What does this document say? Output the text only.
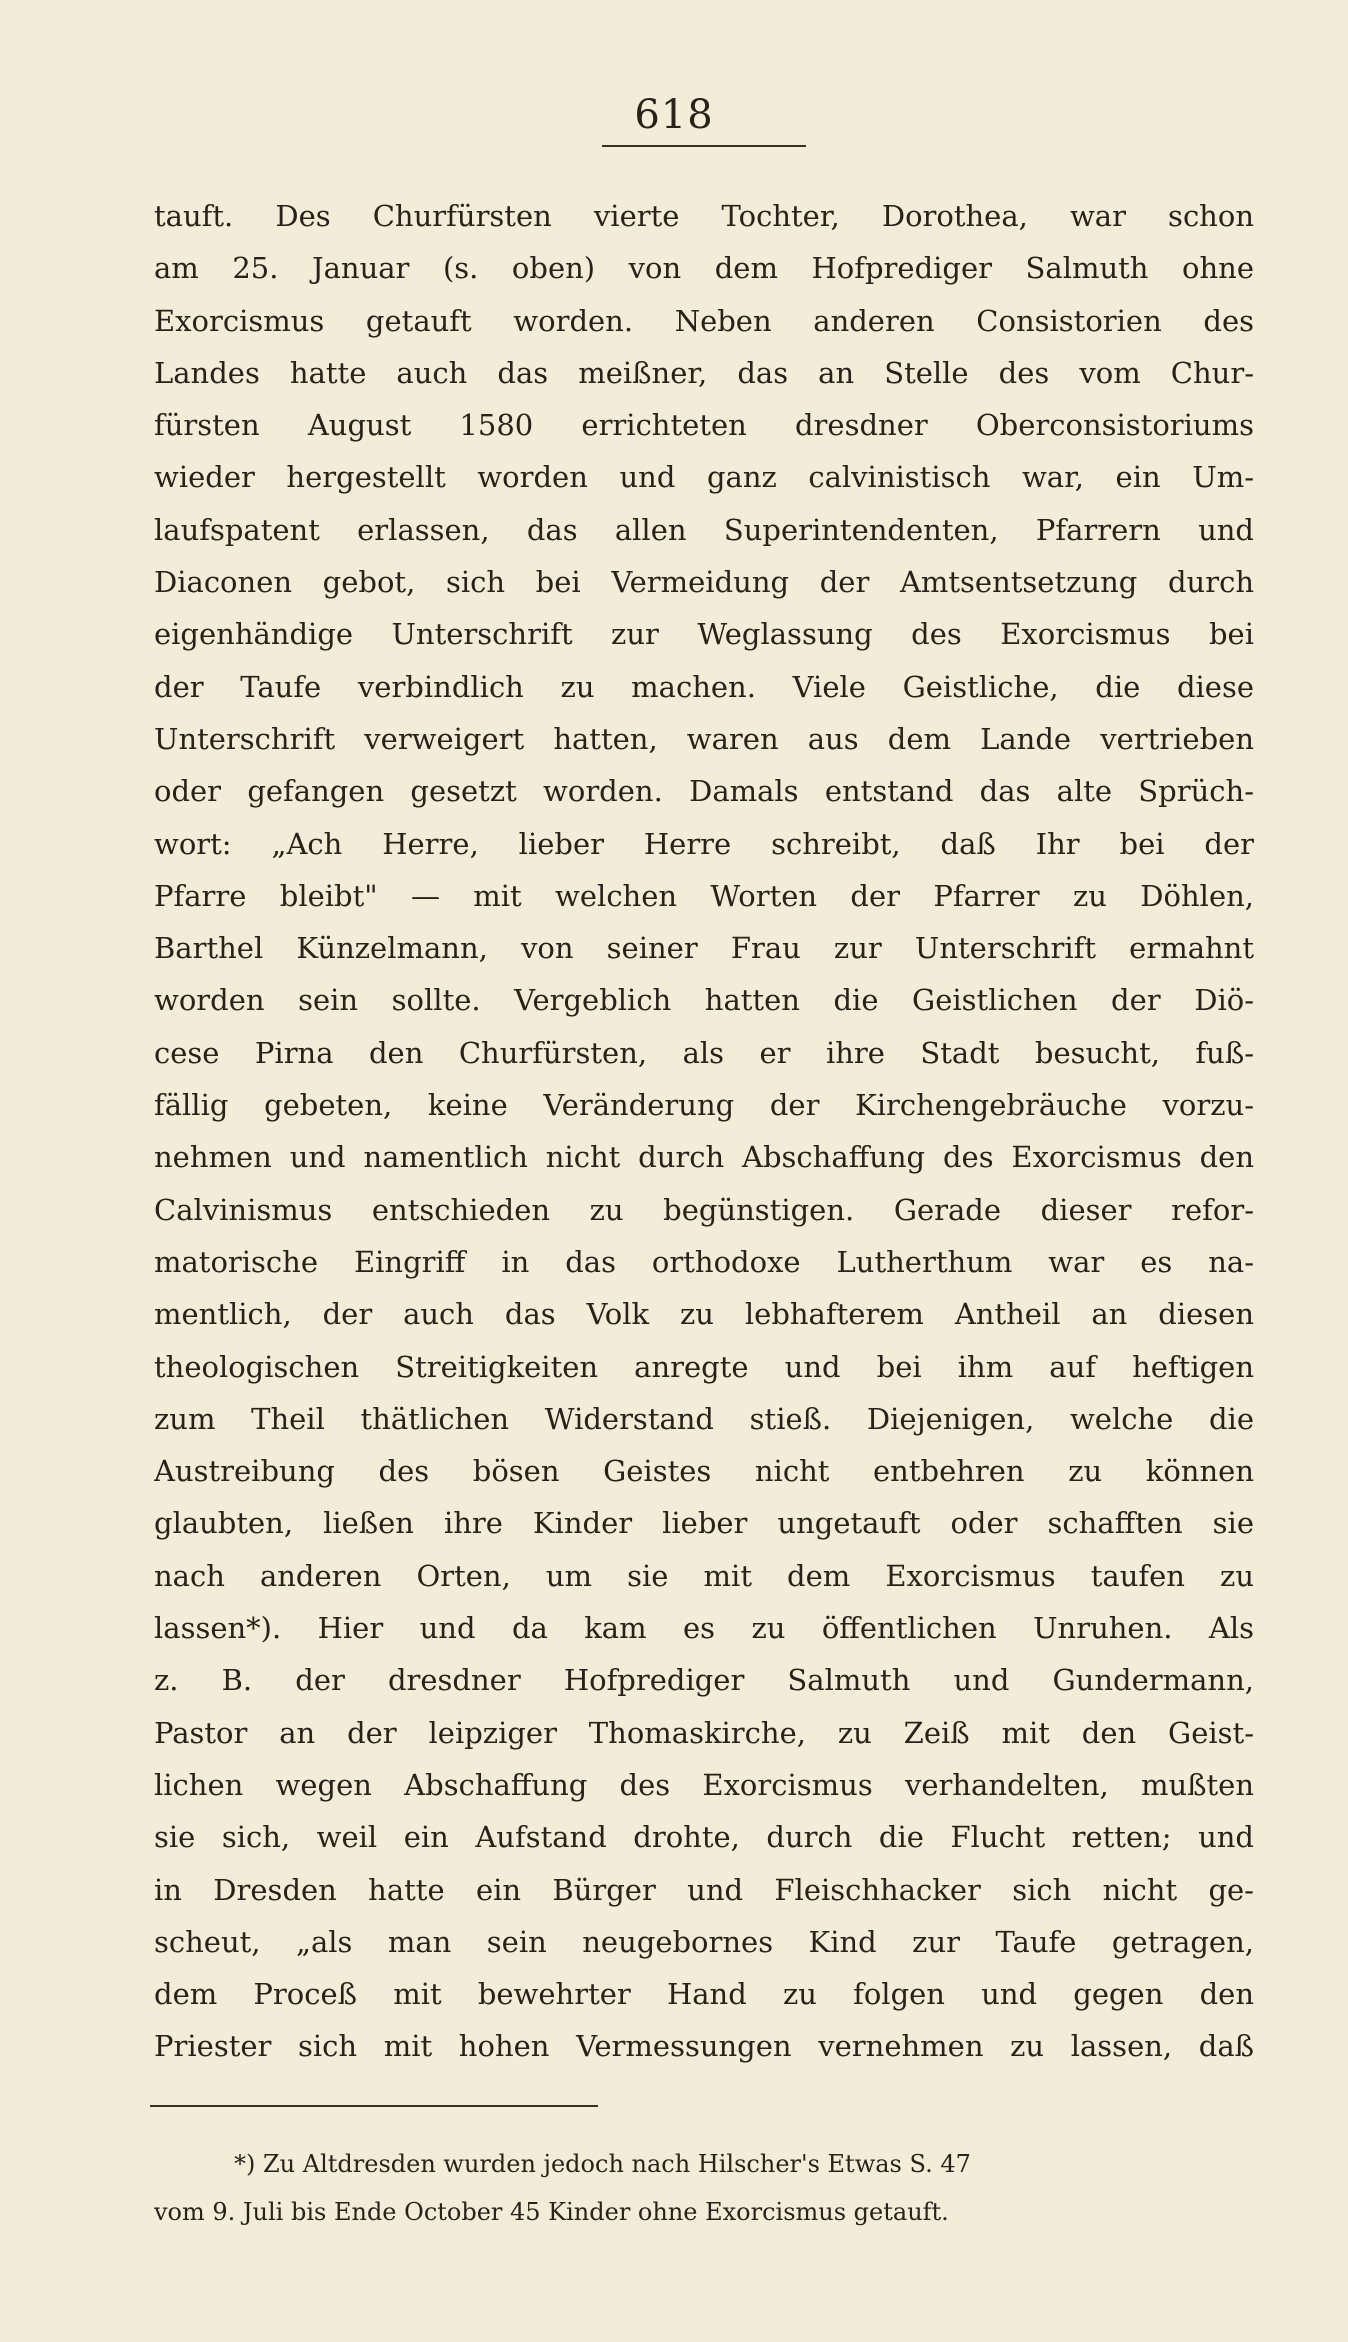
618
tauft. Des Churfürsten vierte Tochter, Dorothea, war schon
am 25. Januar (s. oben) von dem Hofprediger Salmuth ohne
Exorcismus getauft worden. Neben anderen Consistorien des
Landes hatte auch das meißner, das an Stelle des vom Chur-
fürsten August 1580 errichteten dresdner Oberconsistoriums
wieder hergestellt worden und ganz calvinistisch war, ein Um-
laufspatent erlassen, das allen Superintendenten, Pfarrern und
Diaconen gebot, sich bei Vermeidung der Amtsentsetzung durch
eigenhändige Unterschrift zur Weglassung des Exorcismus bei
der Taufe verbindlich zu machen. Viele Geistliche, die diese
Unterschrift verweigert hatten, waren aus dem Lande vertrieben
oder gefangen gesetzt worden. Damals entstand das alte Sprüch-
wort: „Ach Herre, lieber Herre schreibt, daß Ihr bei der
Pfarre bleibt" — mit welchen Worten der Pfarrer zu Döhlen,
Barthel Künzelmann, von seiner Frau zur Unterschrift ermahnt
worden sein sollte. Vergeblich hatten die Geistlichen der Diö-
cese Pirna den Churfürsten, als er ihre Stadt besucht, fuß-
fällig gebeten, keine Veränderung der Kirchengebräuche vorzu-
nehmen und namentlich nicht durch Abschaffung des Exorcismus den
Calvinismus entschieden zu begünstigen. Gerade dieser refor-
matorische Eingriff in das orthodoxe Lutherthum war es na-
mentlich, der auch das Volk zu lebhafterem Antheil an diesen
theologischen Streitigkeiten anregte und bei ihm auf heftigen
zum Theil thätlichen Widerstand stieß. Diejenigen, welche die
Austreibung des bösen Geistes nicht entbehren zu können
glaubten, ließen ihre Kinder lieber ungetauft oder schafften sie
nach anderen Orten, um sie mit dem Exorcismus taufen zu
lassen*). Hier und da kam es zu öffentlichen Unruhen. Als
z. B. der dresdner Hofprediger Salmuth und Gundermann,
Pastor an der leipziger Thomaskirche, zu Zeiß mit den Geist-
lichen wegen Abschaffung des Exorcismus verhandelten, mußten
sie sich, weil ein Aufstand drohte, durch die Flucht retten; und
in Dresden hatte ein Bürger und Fleischhacker sich nicht ge-
scheut, „als man sein neugebornes Kind zur Taufe getragen,
dem Proceß mit bewehrter Hand zu folgen und gegen den
Priester sich mit hohen Vermessungen vernehmen zu lassen, daß
*) Zu Altdresden wurden jedoch nach Hilscher's Etwas S. 47
vom 9. Juli bis Ende October 45 Kinder ohne Exorcismus getauft.
